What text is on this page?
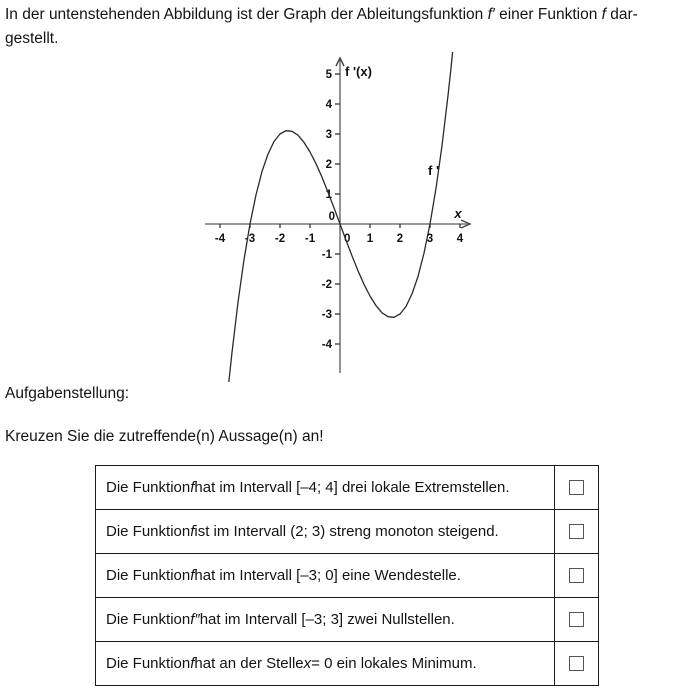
In der untenstehenden Abbildung ist der Graph der Ableitungsfunktion f′ einer Funktion f dar-
gestellt.
-4 -3 -2 -1	1 2 3 4
5
4
3
2
1
-1
-2
-3
-4
0
0
f '(x)
x
f '
Aufgabenstellung:
Kreuzen Sie die zutreffende(n) Aussage(n) an!
Die Funktion f hat im Intervall [–4; 4] drei lokale Extremstellen.
Die Funktion f ist im Intervall (2; 3) streng monoton steigend.
Die Funktion f hat im Intervall [–3; 0] eine Wendestelle.
Die Funktion f″ hat im Intervall [–3; 3] zwei Nullstellen.
Die Funktion f hat an der Stelle x = 0 ein lokales Minimum.
